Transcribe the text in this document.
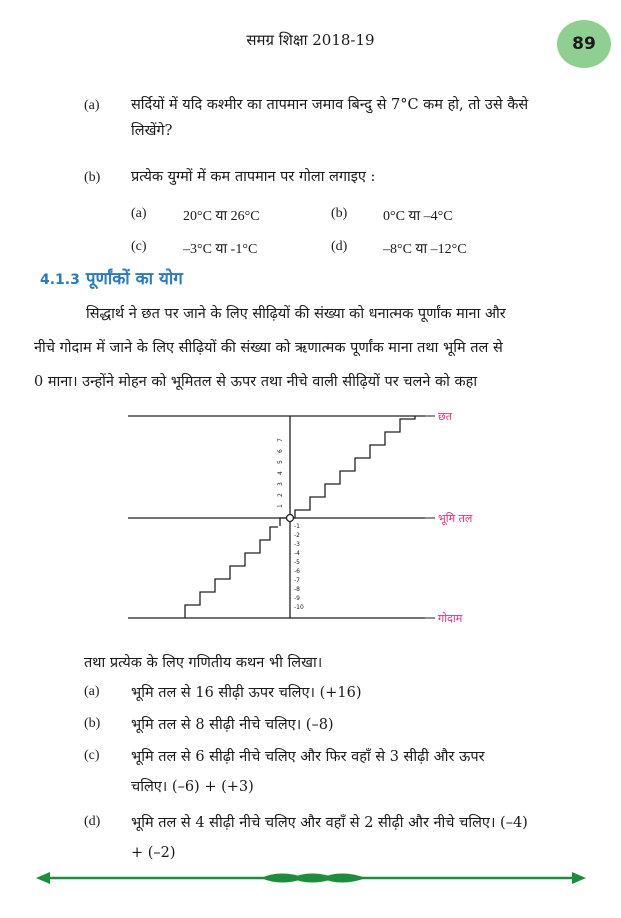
समग्र शिक्षा 2018-19	89
(a) सर्दियों में यदि कश्मीर का तापमान जमाव बिन्दु से 7°C कम हो, तो उसे कैसे
लिखेंगे?
(b) प्रत्येक युग्मों में कम तापमान पर गोला लगाइए :
(a)	20°C या 26°C	(b)	0°C या –4°C
(c)	–3°C या -1°C	(d)	–8°C या –12°C
4.1.3 पूर्णांकों का योग
सिद्धार्थ ने छत पर जाने के लिए सीढ़ियों की संख्या को धनात्मक पूर्णांक माना और
नीचे गोदाम में जाने के लिए सीढ़ियों की संख्या को ऋणात्मक पूर्णांक माना तथा भूमि तल से
0 माना। उन्होंने मोहन को भूमितल से ऊपर तथा नीचे वाली सीढ़ियों पर चलने को कहा
1
2
3
4
5
6
7
-1
-2
-3
-4
-5
-6
-7
-8
-9
-10
छत
भूमि तल
गोदाम
तथा प्रत्येक के लिए गणितीय कथन भी लिखा।
(a) भूमि तल से 16 सीढ़ी ऊपर चलिए। (+16)
(b) भूमि तल से 8 सीढ़ी नीचे चलिए। (–8)
(c) भूमि तल से 6 सीढ़ी नीचे चलिए और फिर वहाँ से 3 सीढ़ी और ऊपर
चलिए। (–6) + (+3)
(d) भूमि तल से 4 सीढ़ी नीचे चलिए और वहाँ से 2 सीढ़ी और नीचे चलिए। (–4)
+ (–2)
